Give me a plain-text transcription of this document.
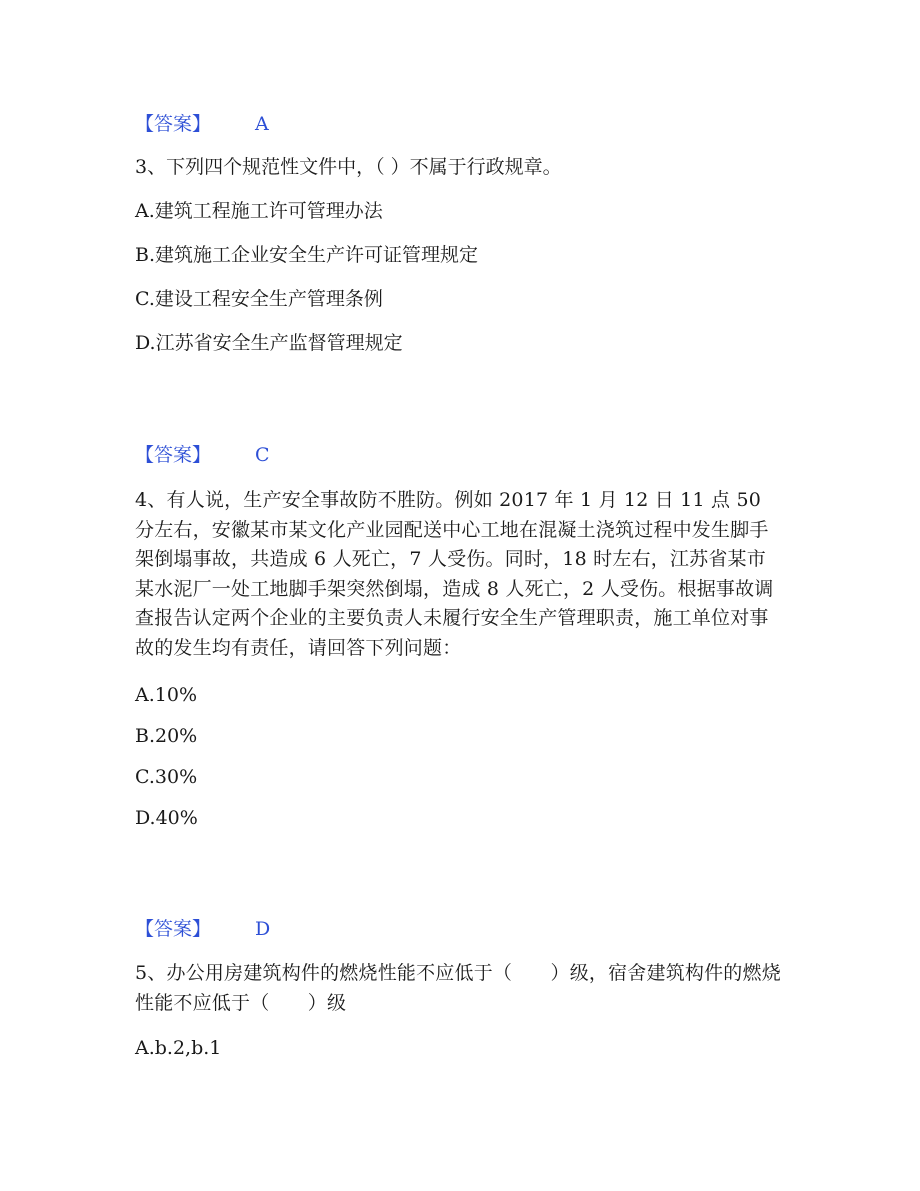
【答案】 A
3、下列四个规范性文件中，（ ）不属于行政规章。
A.建筑工程施工许可管理办法
B.建筑施工企业安全生产许可证管理规定
C.建设工程安全生产管理条例
D.江苏省安全生产监督管理规定
【答案】 C
4、有人说，生产安全事故防不胜防。例如 2017 年 1 月 12 日 11 点 50 分左右，安徽某市某文化产业园配送中心工地在混凝土浇筑过程中发生脚手架倒塌事故，共造成 6 人死亡，7 人受伤。同时，18 时左右，江苏省某市某水泥厂一处工地脚手架突然倒塌，造成 8 人死亡，2 人受伤。根据事故调查报告认定两个企业的主要负责人未履行安全生产管理职责，施工单位对事故的发生均有责任，请回答下列问题：
A.10%
B.20%
C.30%
D.40%
【答案】 D
5、办公用房建筑构件的燃烧性能不应低于（　　）级，宿舍建筑构件的燃烧性能不应低于（　　）级
A.b.2,b.1
